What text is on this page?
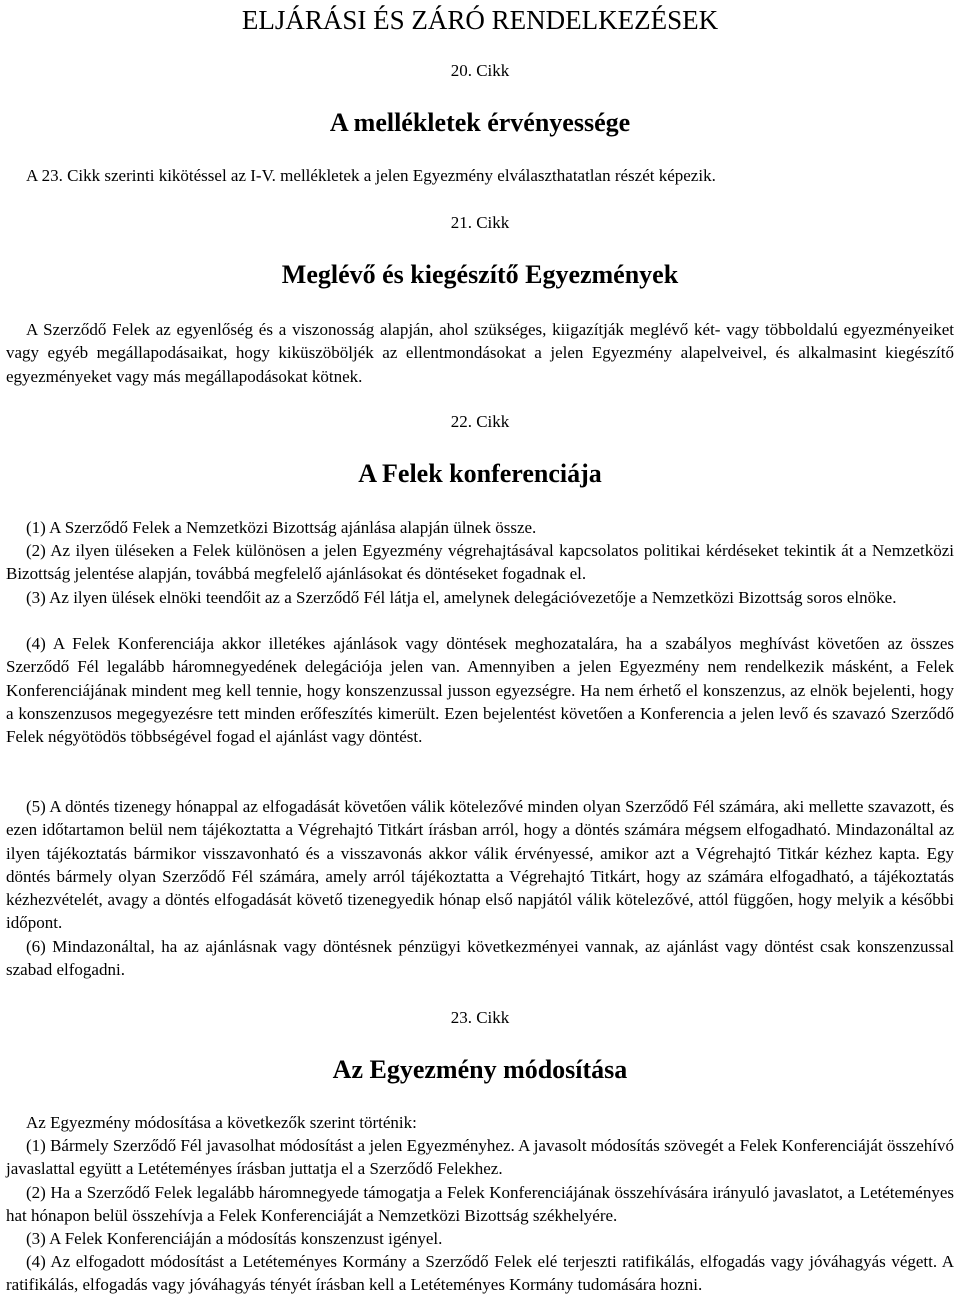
ELJÁRÁSI ÉS ZÁRÓ RENDELKEZÉSEK
20. Cikk
A mellékletek érvényessége
A 23. Cikk szerinti kikötéssel az I-V. mellékletek a jelen Egyezmény elválaszthatatlan részét képezik.
21. Cikk
Meglévő és kiegészítő Egyezmények
A Szerződő Felek az egyenlőség és a viszonosság alapján, ahol szükséges, kiigazítják meglévő két- vagy többoldalú egyezményeiket vagy egyéb megállapodásaikat, hogy kiküszöböljék az ellentmondásokat a jelen Egyezmény alapelveivel, és alkalmasint kiegészítő egyezményeket vagy más megállapodásokat kötnek.
22. Cikk
A Felek konferenciája
(1) A Szerződő Felek a Nemzetközi Bizottság ajánlása alapján ülnek össze.
(2) Az ilyen üléseken a Felek különösen a jelen Egyezmény végrehajtásával kapcsolatos politikai kérdéseket tekintik át a Nemzetközi Bizottság jelentése alapján, továbbá megfelelő ajánlásokat és döntéseket fogadnak el.
(3) Az ilyen ülések elnöki teendőit az a Szerződő Fél látja el, amelynek delegációvezetője a Nemzetközi Bizottság soros elnöke.
(4) A Felek Konferenciája akkor illetékes ajánlások vagy döntések meghozatalára, ha a szabályos meghívást követően az összes Szerződő Fél legalább háromnegyedének delegációja jelen van. Amennyiben a jelen Egyezmény nem rendelkezik másként, a Felek Konferenciájának mindent meg kell tennie, hogy konszenzussal jusson egyezségre. Ha nem érhető el konszenzus, az elnök bejelenti, hogy a konszenzusos megegyezésre tett minden erőfeszítés kimerült. Ezen bejelentést követően a Konferencia a jelen levő és szavazó Szerződő Felek négyötödös többségével fogad el ajánlást vagy döntést.
(5) A döntés tizenegy hónappal az elfogadását követően válik kötelezővé minden olyan Szerződő Fél számára, aki mellette szavazott, és ezen időtartamon belül nem tájékoztatta a Végrehajtó Titkárt írásban arról, hogy a döntés számára mégsem elfogadható. Mindazonáltal az ilyen tájékoztatás bármikor visszavonható és a visszavonás akkor válik érvényessé, amikor azt a Végrehajtó Titkár kézhez kapta. Egy döntés bármely olyan Szerződő Fél számára, amely arról tájékoztatta a Végrehajtó Titkárt, hogy az számára elfogadható, a tájékoztatás kézhezvételét, avagy a döntés elfogadását követő tizenegyedik hónap első napjától válik kötelezővé, attól függően, hogy melyik a későbbi időpont.
(6) Mindazonáltal, ha az ajánlásnak vagy döntésnek pénzügyi következményei vannak, az ajánlást vagy döntést csak konszenzussal szabad elfogadni.
23. Cikk
Az Egyezmény módosítása
Az Egyezmény módosítása a következők szerint történik:
(1) Bármely Szerződő Fél javasolhat módosítást a jelen Egyezményhez. A javasolt módosítás szövegét a Felek Konferenciáját összehívó javaslattal együtt a Letéteményes írásban juttatja el a Szerződő Felekhez.
(2) Ha a Szerződő Felek legalább háromnegyede támogatja a Felek Konferenciájának összehívására irányuló javaslatot, a Letéteményes hat hónapon belül összehívja a Felek Konferenciáját a Nemzetközi Bizottság székhelyére.
(3) A Felek Konferenciáján a módosítás konszenzust igényel.
(4) Az elfogadott módosítást a Letéteményes Kormány a Szerződő Felek elé terjeszti ratifikálás, elfogadás vagy jóváhagyás végett. A ratifikálás, elfogadás vagy jóváhagyás tényét írásban kell a Letéteményes Kormány tudomására hozni.
